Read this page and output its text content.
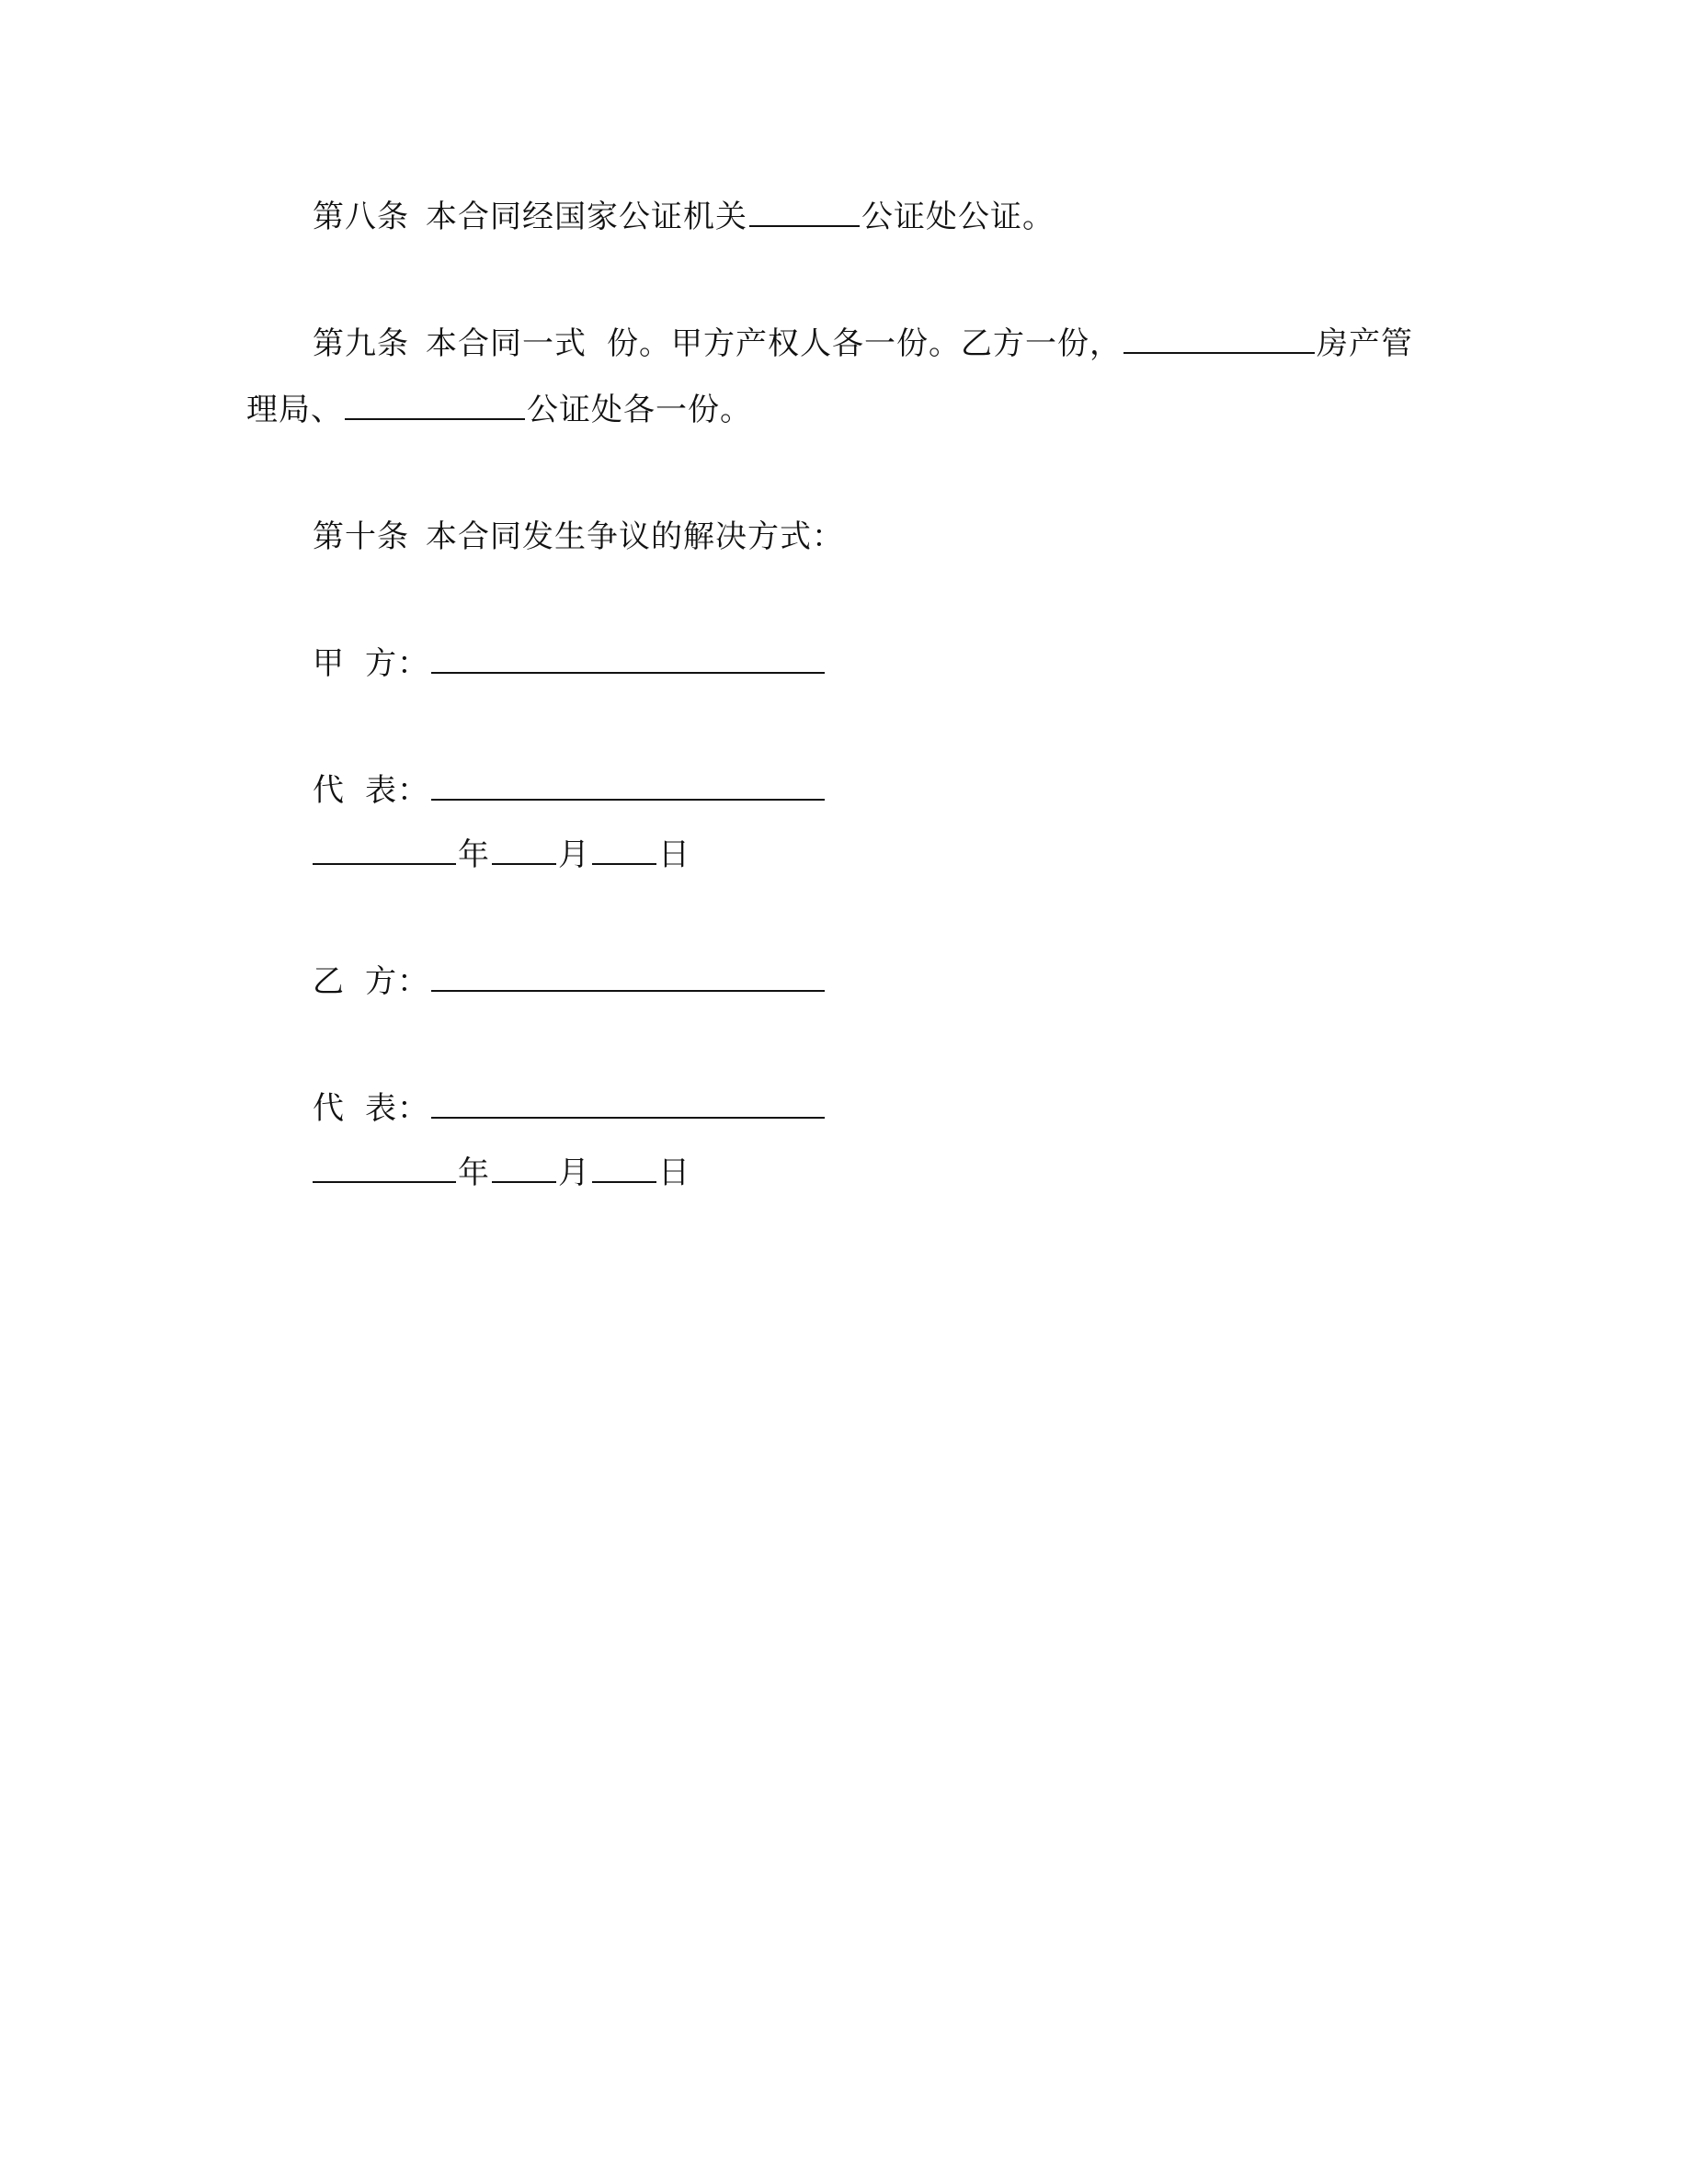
第八条 本合同经国家公证机关	公证处公证。
第九条 本合同一式 份。甲方产权人各一份。乙方一份，	房产管
理局、	公证处各一份。
第十条 本合同发生争议的解决方式：
甲 方：
代 表：
年 月 日
乙 方：
代 表：
年 月 日
